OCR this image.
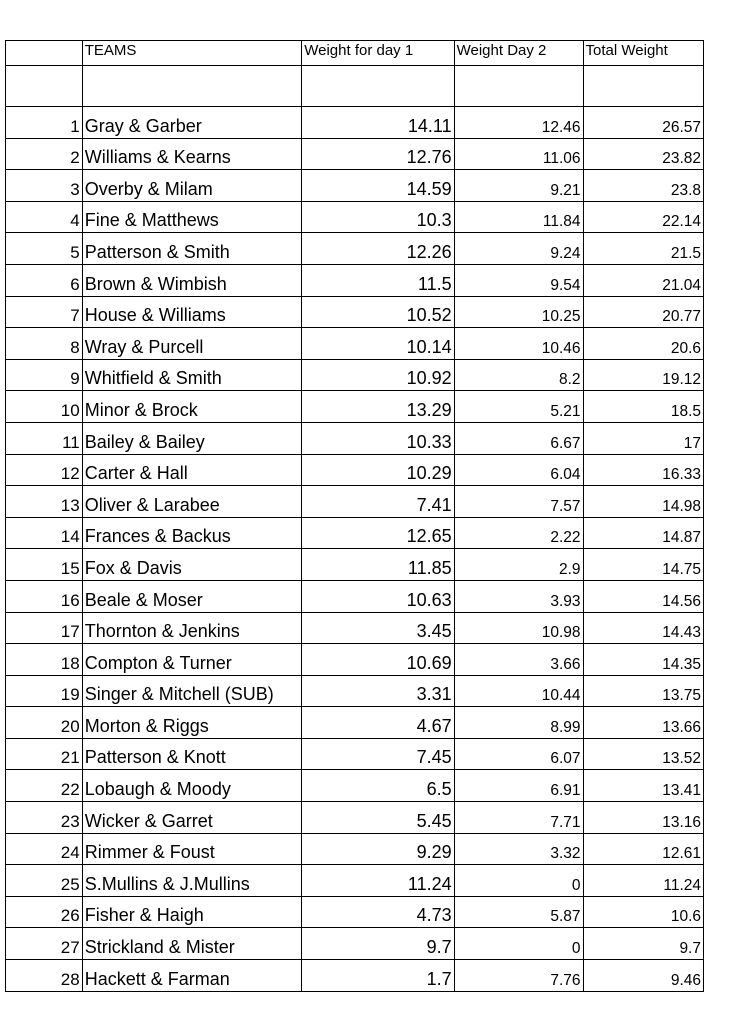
	TEAMS	Weight for day 1	Weight Day 2	Total Weight

1	Gray & Garber	14.11	12.46	26.57
2	Williams & Kearns	12.76	11.06	23.82
3	Overby & Milam	14.59	9.21	23.8
4	Fine & Matthews	10.3	11.84	22.14
5	Patterson & Smith	12.26	9.24	21.5
6	Brown & Wimbish	11.5	9.54	21.04
7	House & Williams	10.52	10.25	20.77
8	Wray & Purcell	10.14	10.46	20.6
9	Whitfield & Smith	10.92	8.2	19.12
10	Minor & Brock	13.29	5.21	18.5
11	Bailey & Bailey	10.33	6.67	17
12	Carter & Hall	10.29	6.04	16.33
13	Oliver & Larabee	7.41	7.57	14.98
14	Frances & Backus	12.65	2.22	14.87
15	Fox & Davis	11.85	2.9	14.75
16	Beale & Moser	10.63	3.93	14.56
17	Thornton & Jenkins	3.45	10.98	14.43
18	Compton & Turner	10.69	3.66	14.35
19	Singer & Mitchell (SUB)	3.31	10.44	13.75
20	Morton & Riggs	4.67	8.99	13.66
21	Patterson & Knott	7.45	6.07	13.52
22	Lobaugh & Moody	6.5	6.91	13.41
23	Wicker & Garret	5.45	7.71	13.16
24	Rimmer & Foust	9.29	3.32	12.61
25	S.Mullins & J.Mullins	11.24	0	11.24
26	Fisher & Haigh	4.73	5.87	10.6
27	Strickland & Mister	9.7	0	9.7
28	Hackett & Farman	1.7	7.76	9.46
